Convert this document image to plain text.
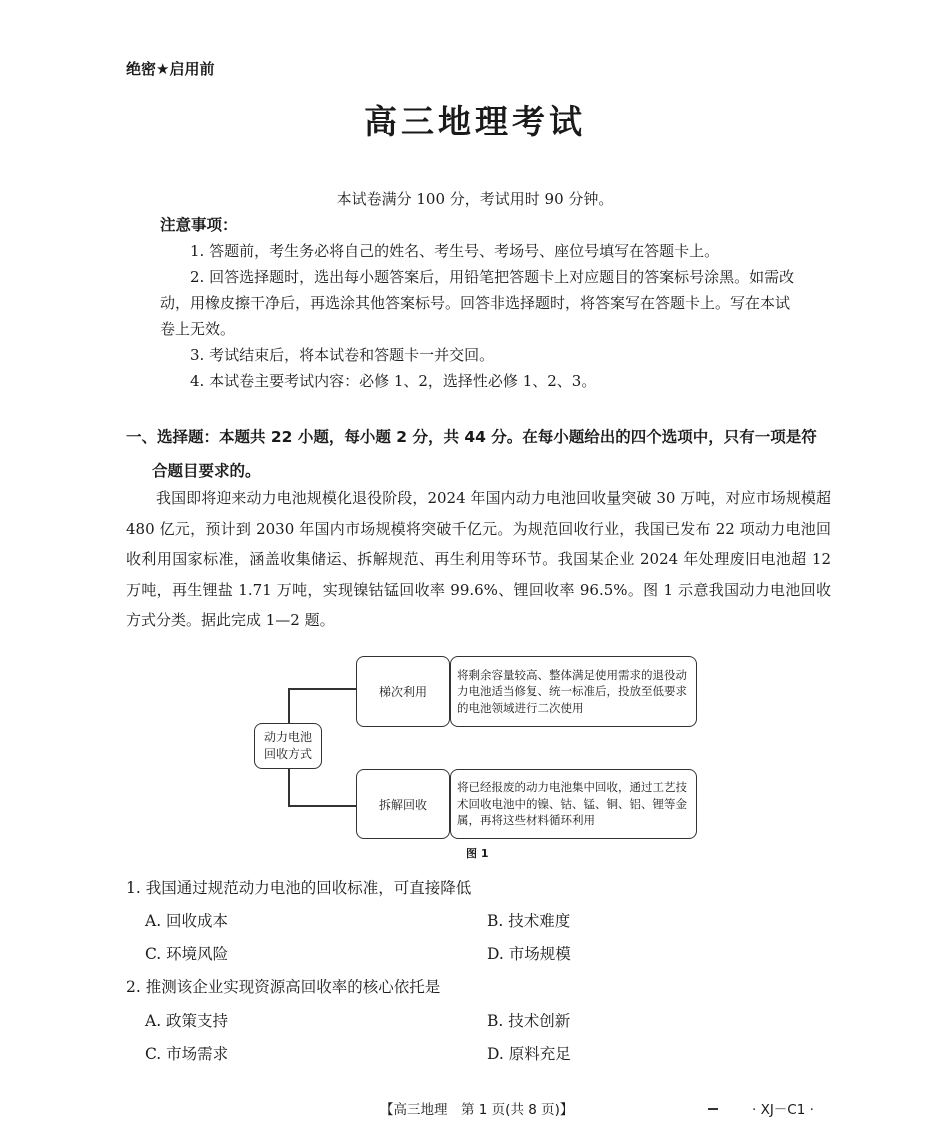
绝密★启用前
高三地理考试
本试卷满分 100 分，考试用时 90 分钟。
注意事项：

1. 答题前，考生务必将自己的姓名、考生号、考场号、座位号填写在答题卡上。

2. 回答选择题时，选出每小题答案后，用铅笔把答题卡上对应题目的答案标号涂黑。如需改动，用橡皮擦干净后，再选涂其他答案标号。回答非选择题时，将答案写在答题卡上。写在本试卷上无效。

3. 考试结束后，将本试卷和答题卡一并交回。

4. 本试卷主要考试内容：必修 1、2，选择性必修 1、2、3。

一、选择题：本题共 22 小题，每小题 2 分，共 44 分。在每小题给出的四个选项中，只有一项是符
合题目要求的。
我国即将迎来动力电池规模化退役阶段，2024 年国内动力电池回收量突破 30 万吨，对应市场规模超 480 亿元，预计到 2030 年国内市场规模将突破千亿元。为规范回收行业，我国已发布 22 项动力电池回收利用国家标准，涵盖收集储运、拆解规范、再生利用等环节。我国某企业 2024 年处理废旧电池超 12 万吨，再生锂盐 1.71 万吨，实现镍钴锰回收率 99.6%、锂回收率 96.5%。图 1 示意我国动力电池回收方式分类。据此完成 1—2 题。
动力电池
回收方式
梯次利用
将剩余容量较高、整体满足使用需求的退役动力电池适当修复、统一标准后，投放至低要求的电池领域进行二次使用
拆解回收
将已经报废的动力电池集中回收，通过工艺技术回收电池中的镍、钴、锰、铜、铝、锂等金属，再将这些材料循环利用
图 1
1. 我国通过规范动力电池的回收标准，可直接降低
A. 回收成本	B. 技术难度
C. 环境风险	D. 市场规模
2. 推测该企业实现资源高回收率的核心依托是
A. 政策支持	B. 技术创新
C. 市场需求	D. 原料充足
【高三地理　第 1 页(共 8 页)】	· XJ－C1 ·
